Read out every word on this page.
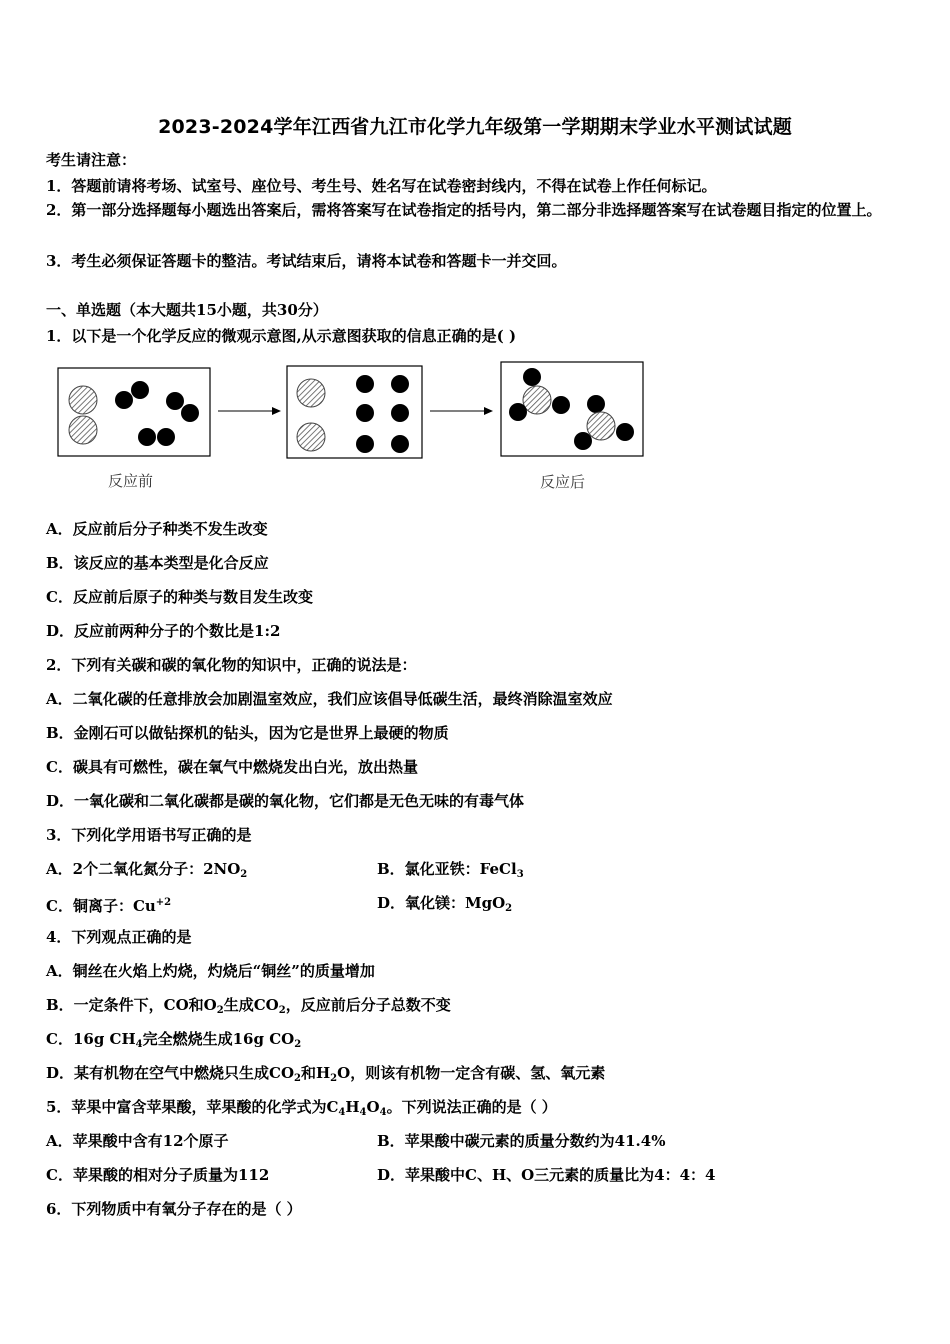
2023-2024学年江西省九江市化学九年级第一学期期末学业水平测试试题
考生请注意：
1．答题前请将考场、试室号、座位号、考生号、姓名写在试卷密封线内，不得在试卷上作任何标记。
2．第一部分选择题每小题选出答案后，需将答案写在试卷指定的括号内，第二部分非选择题答案写在试卷题目指定的位置上。
3．考生必须保证答题卡的整洁。考试结束后，请将本试卷和答题卡一并交回。
一、单选题（本大题共15小题，共30分）
1．以下是一个化学反应的微观示意图,从示意图获取的信息正确的是( )
反应前	反应后
A．反应前后分子种类不发生改变
B．该反应的基本类型是化合反应
C．反应前后原子的种类与数目发生改变
D．反应前两种分子的个数比是1:2
2．下列有关碳和碳的氧化物的知识中，正确的说法是：
A．二氧化碳的任意排放会加剧温室效应，我们应该倡导低碳生活，最终消除温室效应
B．金刚石可以做钻探机的钻头，因为它是世界上最硬的物质
C．碳具有可燃性，碳在氧气中燃烧发出白光，放出热量
D．一氧化碳和二氧化碳都是碳的氧化物，它们都是无色无味的有毒气体
3．下列化学用语书写正确的是
A．2个二氧化氮分子：$2NO_2$	B．氯化亚铁：FeCl$_3$
C．铜离子：$Cu^{+2}$	D．氧化镁：MgO$_2$
4．下列观点正确的是
A．铜丝在火焰上灼烧，灼烧后“铜丝”的质量增加
B．一定条件下，CO和$O_2$生成$CO_2$，反应前后分子总数不变
C．16g $CH_4$完全燃烧生成16g $CO_2$
D．某有机物在空气中燃烧只生成$CO_2$和$H_2O$，则该有机物一定含有碳、氢、氧元素
5．苹果中富含苹果酸，苹果酸的化学式为$C_4H_4O_4$。下列说法正确的是（ ）
A．苹果酸中含有12个原子	B．苹果酸中碳元素的质量分数约为41.4%
C．苹果酸的相对分子质量为112	D．苹果酸中C、H、O三元素的质量比为4：4：4
6．下列物质中有氧分子存在的是（ ）
